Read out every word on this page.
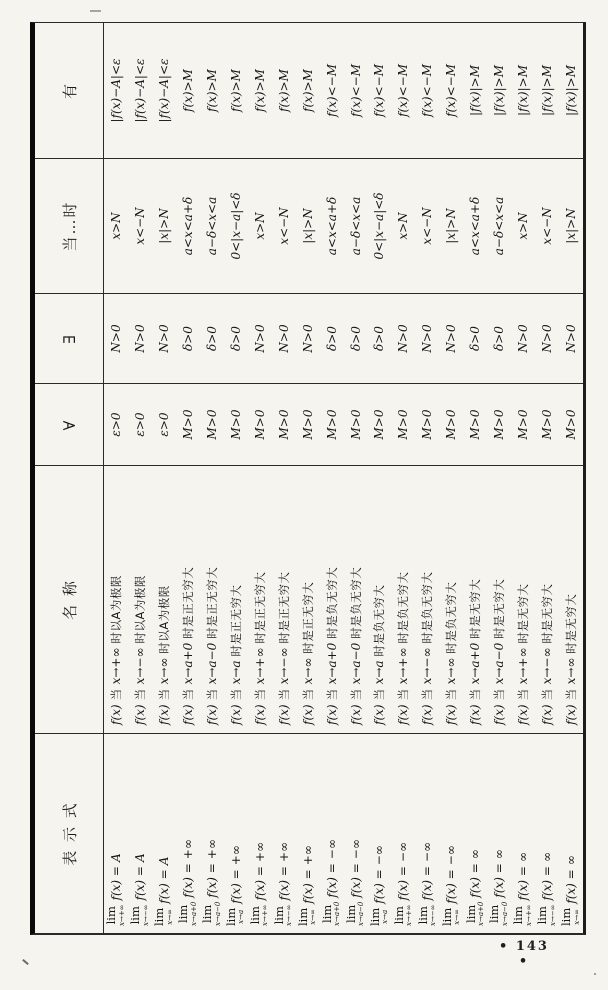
表 示 式
名 称
∀
∃
当…时
有
lim x→+∞
f(x) =
A
f(x)
当
x→+∞
时以A为极限
ε>0
N>0
x>N
|f(x)−A|<ε
lim x→−∞
f(x) =
A
f(x)
当
x→−∞
时以A为极限
ε>0
N>0
x<−N
|f(x)−A|<ε
lim x→∞
f(x) =
A
f(x)
当
x→∞
时以A为极限
ε>0
N>0
|x|>N
|f(x)−A|<ε
lim x→a+0
f(x) =
+∞
f(x)
当
x→a+0
时是正无穷大
M>0
δ>0
a<x<a+δ
f(x)>M
lim x→a−0
f(x) =
+∞
f(x)
当
x→a−0
时是正无穷大
M>0
δ>0
a−δ<x<a
f(x)>M
lim x→a
f(x) =
+∞
f(x)
当
x→a
时是正无穷大
M>0
δ>0
0<|x−a|<δ
f(x)>M
lim x→+∞
f(x) =
+∞
f(x)
当
x→+∞
时是正无穷大
M>0
N>0
x>N
f(x)>M
lim x→−∞
f(x) =
+∞
f(x)
当
x→−∞
时是正无穷大
M>0
N>0
x<−N
f(x)>M
lim x→∞
f(x) =
+∞
f(x)
当
x→∞
时是正无穷大
M>0
N>0
|x|>N
f(x)>M
lim x→a+0
f(x) =
−∞
f(x)
当
x→a+0
时是负无穷大
M>0
δ>0
a<x<a+δ
f(x)<−M
lim x→a−0
f(x) =
−∞
f(x)
当
x→a−0
时是负无穷大
M>0
δ>0
a−δ<x<a
f(x)<−M
lim x→a
f(x) =
−∞
f(x)
当
x→a
时是负无穷大
M>0
δ>0
0<|x−a|<δ
f(x)<−M
lim x→+∞
f(x) =
−∞
f(x)
当
x→+∞
时是负无穷大
M>0
N>0
x>N
f(x)<−M
lim x→−∞
f(x) =
−∞
f(x)
当
x→−∞
时是负无穷大
M>0
N>0
x<−N
f(x)<−M
lim x→∞
f(x) =
−∞
f(x)
当
x→∞
时是负无穷大
M>0
N>0
|x|>N
f(x)<−M
lim x→a+0
f(x) =
∞
f(x)
当
x→a+0
时是无穷大
M>0
δ>0
a<x<a+δ
|f(x)|>M
lim x→a−0
f(x) =
∞
f(x)
当
x→a−0
时是无穷大
M>0
δ>0
a−δ<x<a
|f(x)|>M
lim x→+∞
f(x) =
∞
f(x)
当
x→+∞
时是无穷大
M>0
N>0
x>N
|f(x)|>M
lim x→−∞
f(x) =
∞
f(x)
当
x→−∞
时是无穷大
M>0
N>0
x<−N
|f(x)|>M
lim x→∞
f(x) =
∞
f(x)
当
x→∞
时是无穷大
M>0
N>0
|x|>N
|f(x)|>M
• 143 •
